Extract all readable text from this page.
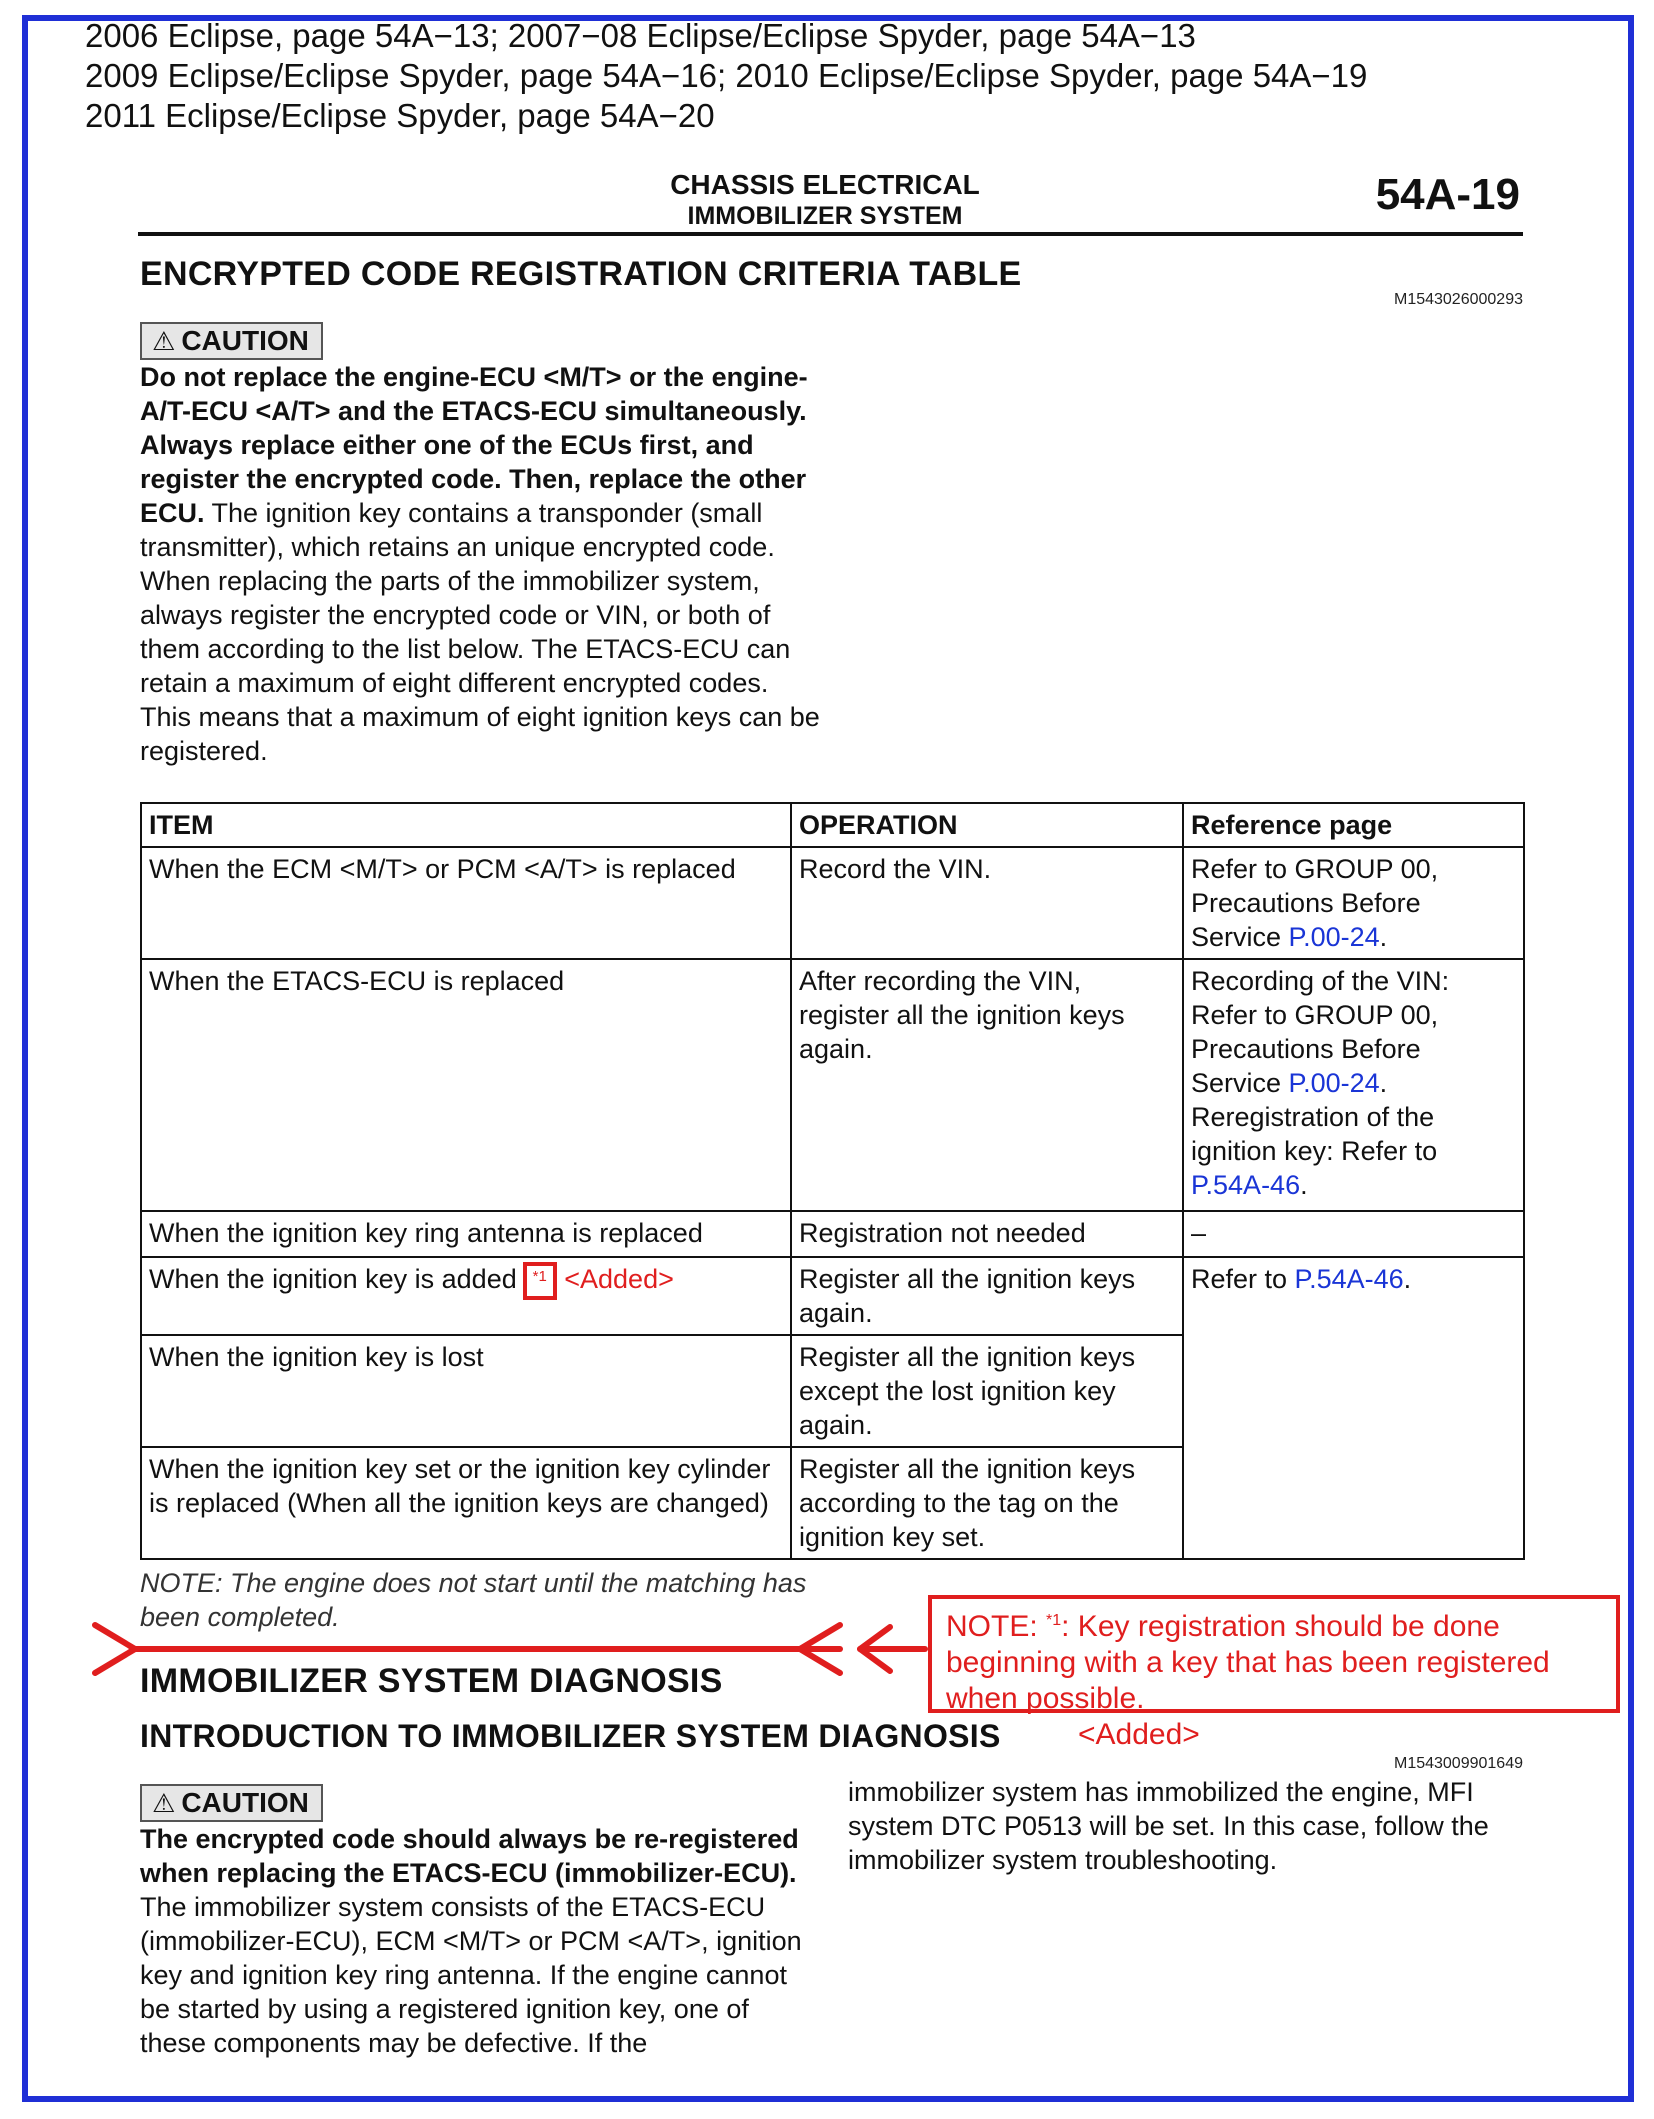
2006 Eclipse, page 54A−13; 2007−08 Eclipse/Eclipse Spyder, page 54A−13
2009 Eclipse/Eclipse Spyder, page 54A−16; 2010 Eclipse/Eclipse Spyder, page 54A−19
2011 Eclipse/Eclipse Spyder, page 54A−20
CHASSIS ELECTRICAL
IMMOBILIZER SYSTEM	54A-19
ENCRYPTED CODE REGISTRATION CRITERIA TABLE
M1543026000293
⚠ CAUTION
Do not replace the engine-ECU <M/T> or the engine-A/T-ECU <A/T> and the ETACS-ECU simultaneously. Always replace either one of the ECUs first, and register the encrypted code. Then, replace the other ECU. The ignition key contains a transponder (small transmitter), which retains an unique encrypted code. When replacing the parts of the immobilizer system, always register the encrypted code or VIN, or both of them according to the list below. The ETACS-ECU can retain a maximum of eight different encrypted codes. This means that a maximum of eight ignition keys can be registered.
ITEM	OPERATION	Reference page
When the ECM <M/T> or PCM <A/T> is replaced	Record the VIN.	Refer to GROUP 00, Precautions Before Service P.00-24.
When the ETACS-ECU is replaced	After recording the VIN, register all the ignition keys again.	Recording of the VIN: Refer to GROUP 00, Precautions Before Service P.00-24. Reregistration of the ignition key: Refer to P.54A-46.
When the ignition key ring antenna is replaced	Registration not needed	–
When the ignition key is added *1 <Added>	Register all the ignition keys again.	Refer to P.54A-46.
When the ignition key is lost	Register all the ignition keys except the lost ignition key again.	
When the ignition key set or the ignition key cylinder is replaced (When all the ignition keys are changed)	Register all the ignition keys according to the tag on the ignition key set.	
NOTE: The engine does not start until the matching has been completed.	NOTE: $^{*1}$: Key registration should be done beginning with a key that has been registered when possible.
IMMOBILIZER SYSTEM DIAGNOSIS
INTRODUCTION TO IMMOBILIZER SYSTEM DIAGNOSIS	<Added>
M1543009901649
⚠ CAUTION
The encrypted code should always be re-registered when replacing the ETACS-ECU (immobilizer-ECU). The immobilizer system consists of the ETACS-ECU (immobilizer-ECU), ECM <M/T> or PCM <A/T>, ignition key and ignition key ring antenna. If the engine cannot be started by using a registered ignition key, one of these components may be defective. If the
immobilizer system has immobilized the engine, MFI system DTC P0513 will be set. In this case, follow the immobilizer system troubleshooting.
